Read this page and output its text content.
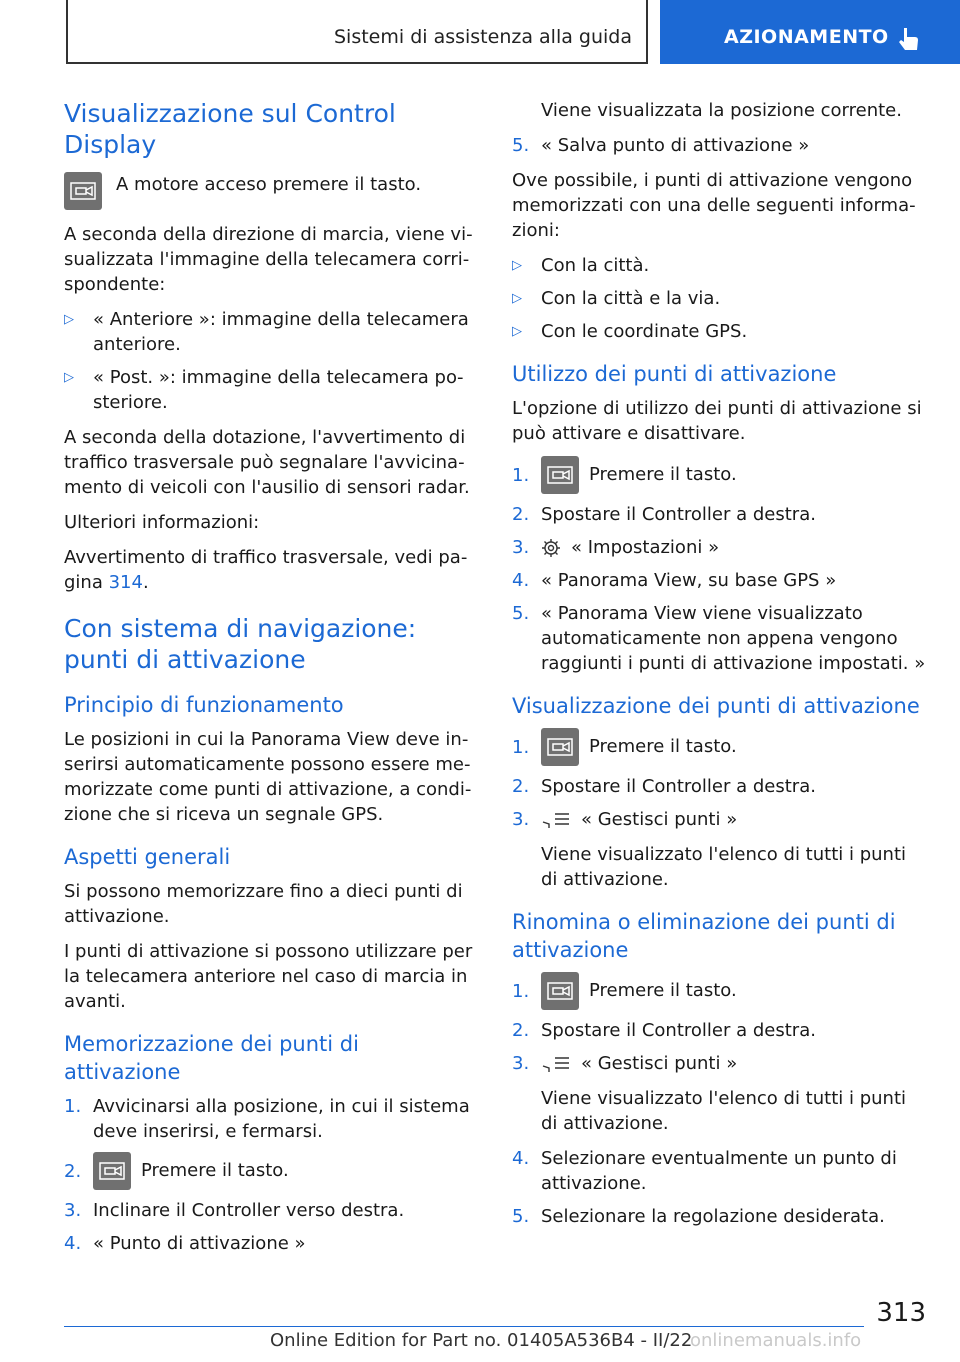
Sistemi di assistenza alla guida	AZIONAMENTO
Visualizzazione sul Control Display

A motore acceso premere il tasto.

A seconda della direzione di marcia, viene visualizzata l'immagine della telecamera corrispondente:

▷	« Anteriore »: immagine della telecamera anteriore.
▷	« Post. »: immagine della telecamera posteriore.

A seconda della dotazione, l'avvertimento di traffico trasversale può segnalare l'avvicinamento di veicoli con l'ausilio di sensori radar.

Ulteriori informazioni:

Avvertimento di traffico trasversale, vedi pagina 314.

Con sistema di navigazione: punti di attivazione
Principio di funzionamento

Le posizioni in cui la Panorama View deve inserirsi automaticamente possono essere memorizzate come punti di attivazione, a condizione che si riceva un segnale GPS.

Aspetti generali

Si possono memorizzare fino a dieci punti di attivazione.

I punti di attivazione si possono utilizzare per la telecamera anteriore nel caso di marcia in avanti.

Memorizzazione dei punti di attivazione
1. Avvicinarsi alla posizione, in cui il sistema deve inserirsi, e fermarsi.
2.	Premere il tasto.
3. Inclinare il Controller verso destra.
4. « Punto di attivazione »

Viene visualizzata la posizione corrente.

5. « Salva punto di attivazione »

Ove possibile, i punti di attivazione vengono memorizzati con una delle seguenti informazioni:

▷	Con la città.
▷	Con la città e la via.
▷	Con le coordinate GPS.
Utilizzo dei punti di attivazione

L'opzione di utilizzo dei punti di attivazione si può attivare e disattivare.

1.	Premere il tasto.
2. Spostare il Controller a destra.
3.	« Impostazioni »
4. « Panorama View, su base GPS »
5. « Panorama View viene visualizzato automaticamente non appena vengono raggiunti i punti di attivazione impostati. »
Visualizzazione dei punti di attivazione
1.	Premere il tasto.
2. Spostare il Controller a destra.
3.	« Gestisci punti »

Viene visualizzato l'elenco di tutti i punti di attivazione.

Rinomina o eliminazione dei punti di attivazione
1.	Premere il tasto.
2. Spostare il Controller a destra.
3.	« Gestisci punti »

Viene visualizzato l'elenco di tutti i punti di attivazione.

4. Selezionare eventualmente un punto di attivazione.
5. Selezionare la regolazione desiderata.
313
Online Edition for Part no. 01405A536B4 - II/22
onlinemanuals.info
